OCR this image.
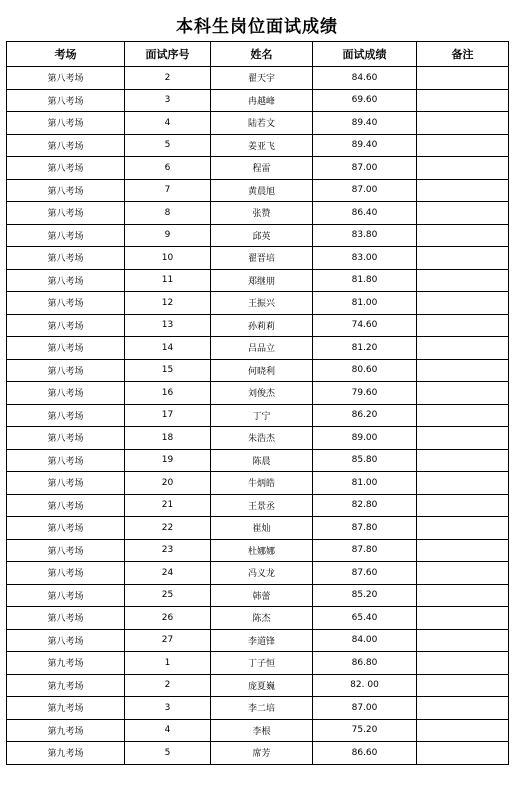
本科生岗位面试成绩
考场	面试序号	姓名	面试成绩	备注
第八考场	2	翟天宇	84.60	
第八考场	3	冉越峰	69.60	
第八考场	4	陆若文	89.40	
第八考场	5	姜亚飞	89.40	
第八考场	6	程雷	87.00	
第八考场	7	黄晨旭	87.00	
第八考场	8	张赞	86.40	
第八考场	9	邱英	83.80	
第八考场	10	翟晋培	83.00	
第八考场	11	郑继朋	81.80	
第八考场	12	王振兴	81.00	
第八考场	13	孙莉莉	74.60	
第八考场	14	吕品立	81.20	
第八考场	15	何晓利	80.60	
第八考场	16	刘俊杰	79.60	
第八考场	17	丁宁	86.20	
第八考场	18	朱浩杰	89.00	
第八考场	19	陈晨	85.80	
第八考场	20	牛炳皓	81.00	
第八考场	21	王景丞	82.80	
第八考场	22	崔灿	87.80	
第八考场	23	杜娜娜	87.80	
第八考场	24	冯义龙	87.60	
第八考场	25	韩蕾	85.20	
第八考场	26	陈杰	65.40	
第八考场	27	李道锋	84.00	
第九考场	1	丁子恒	86.80	
第九考场	2	庞夏巍	82. 00	
第九考场	3	李二培	87.00	
第九考场	4	李根	75.20	
第九考场	5	席芳	86.60	
